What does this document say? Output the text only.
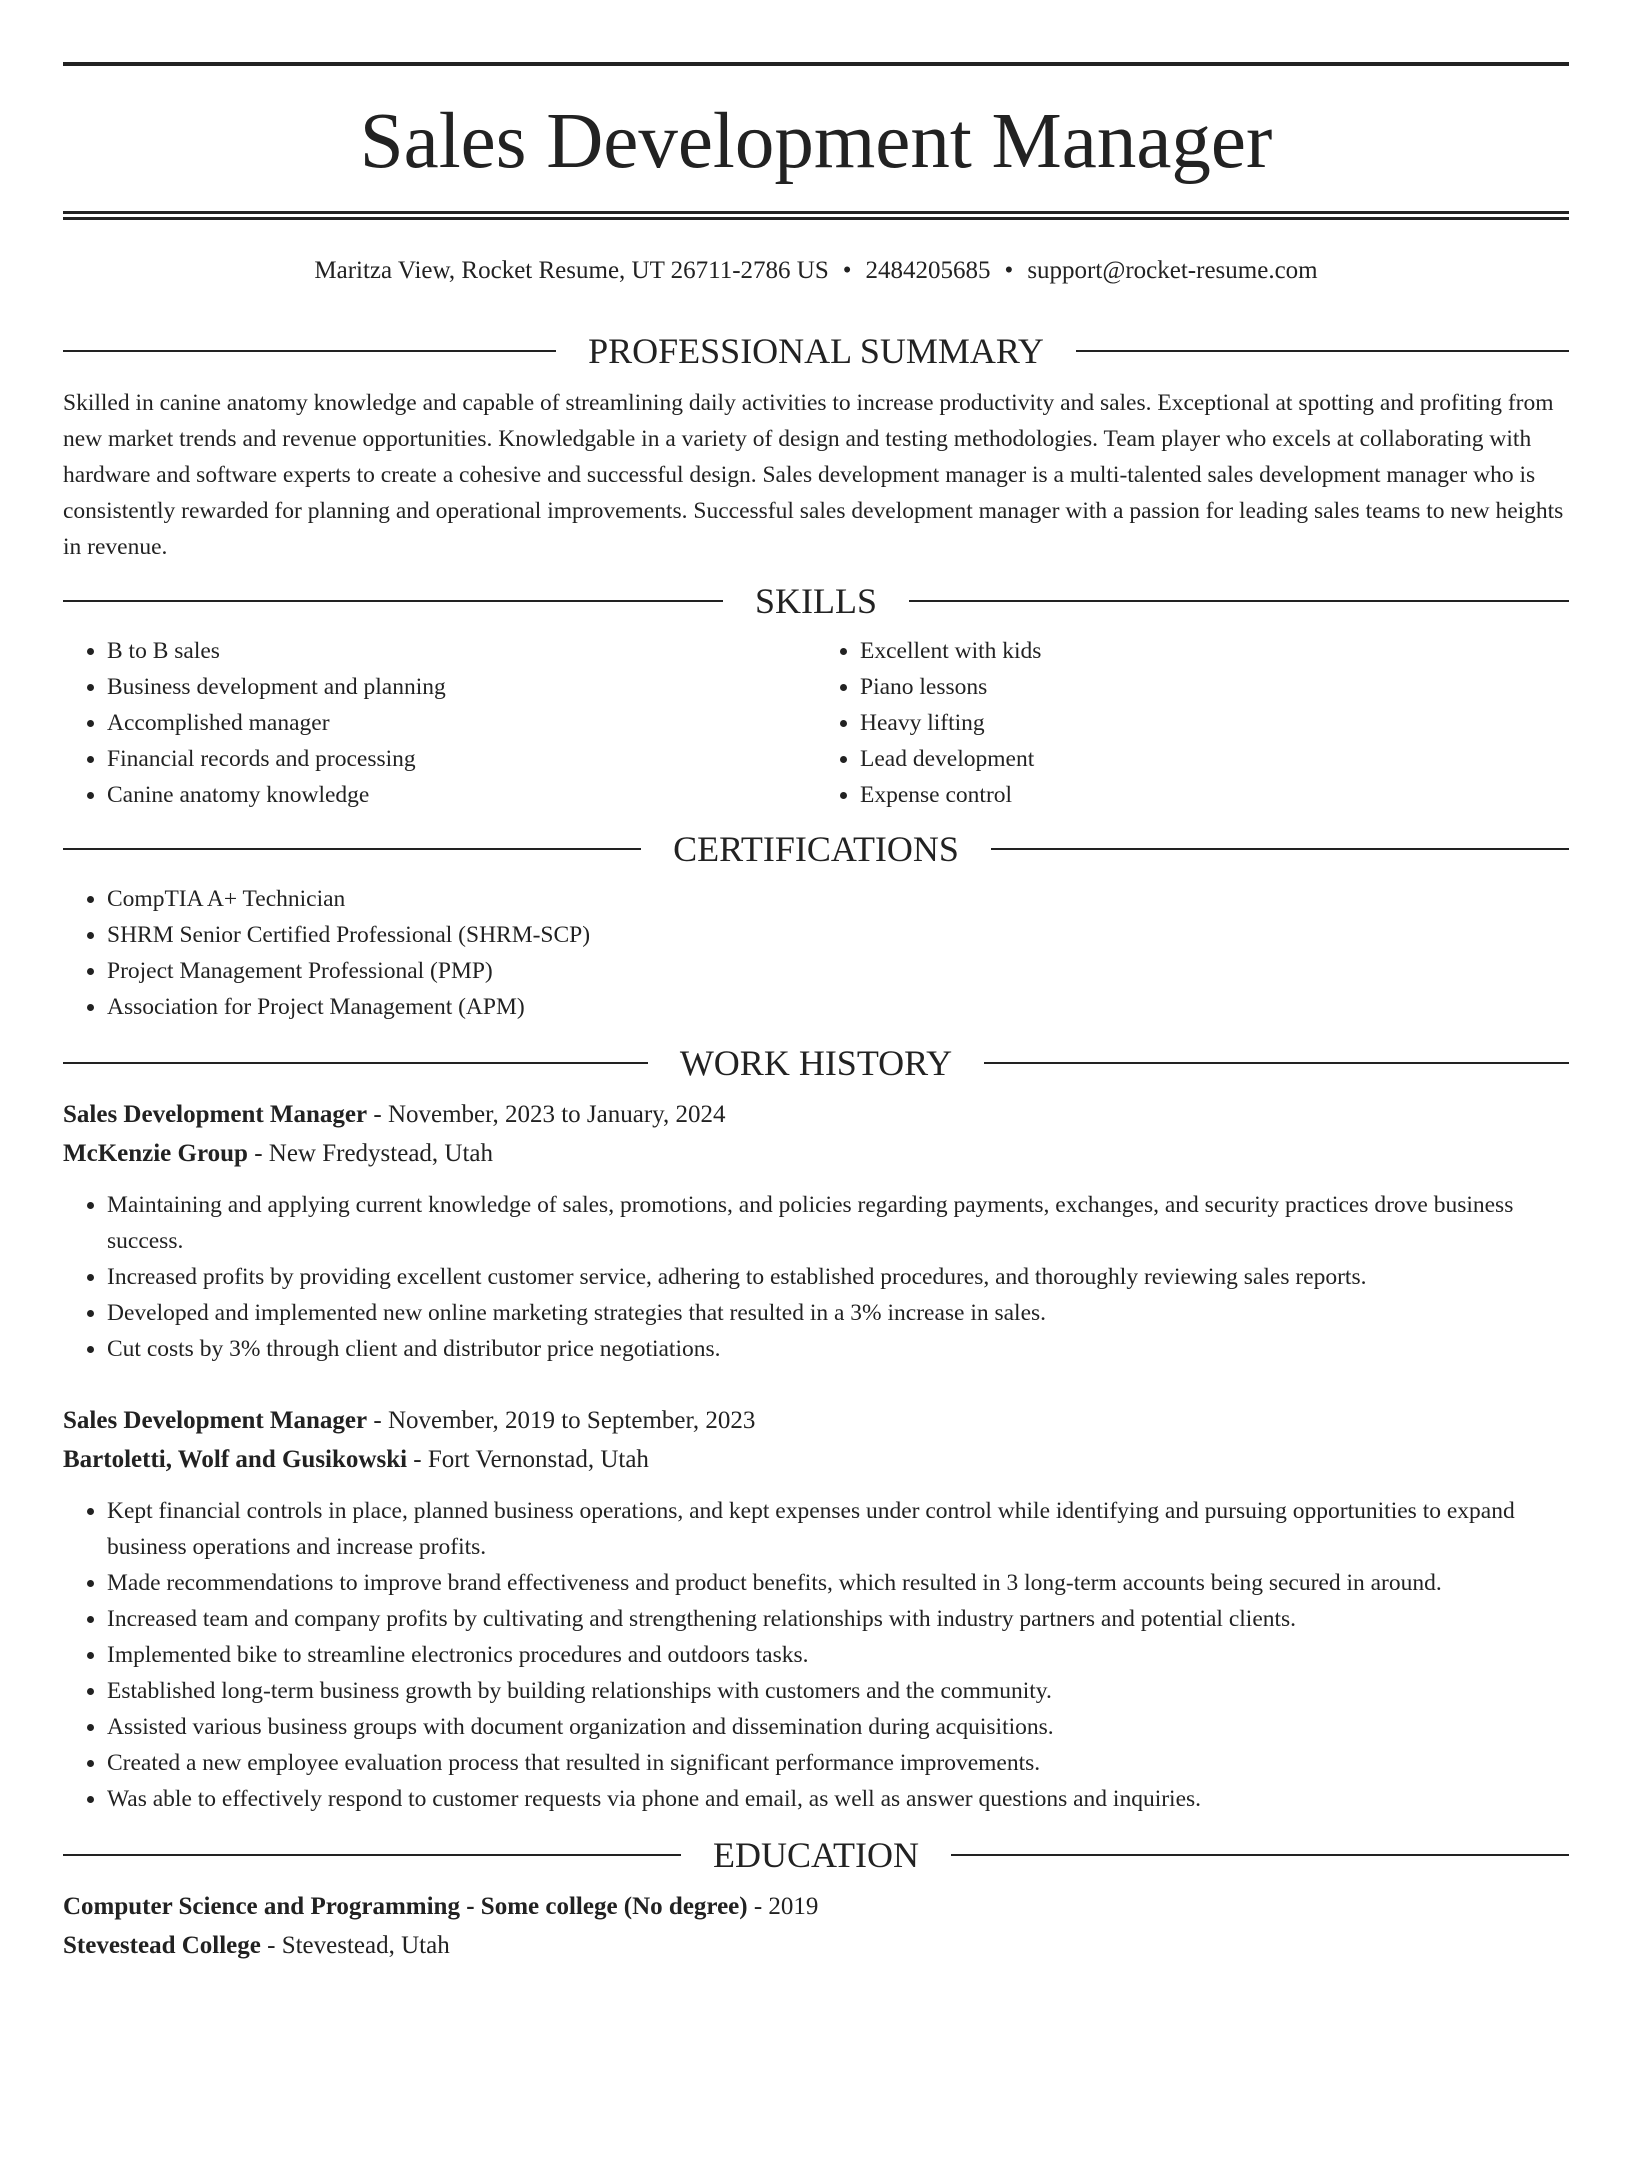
Sales Development Manager
Maritza View, Rocket Resume, UT 26711-2786 US • 2484205685 • support@rocket-resume.com
PROFESSIONAL SUMMARY

Skilled in canine anatomy knowledge and capable of streamlining daily activities to increase productivity and sales. Exceptional at spotting and profiting from new market trends and revenue opportunities. Knowledgable in a variety of design and testing methodologies. Team player who excels at collaborating with hardware and software experts to create a cohesive and successful design. Sales development manager is a multi-talented sales development manager who is consistently rewarded for planning and operational improvements. Successful sales development manager with a passion for leading sales teams to new heights in revenue.

SKILLS
• B to B sales
• Business development and planning
• Accomplished manager
• Financial records and processing
• Canine anatomy knowledge
• Excellent with kids
• Piano lessons
• Heavy lifting
• Lead development
• Expense control
CERTIFICATIONS
• CompTIA A+ Technician
• SHRM Senior Certified Professional (SHRM-SCP)
• Project Management Professional (PMP)
• Association for Project Management (APM)
WORK HISTORY
Sales Development Manager - November, 2023 to January, 2024
McKenzie Group - New Fredystead, Utah
• Maintaining and applying current knowledge of sales, promotions, and policies regarding payments, exchanges, and security practices drove business success.
• Increased profits by providing excellent customer service, adhering to established procedures, and thoroughly reviewing sales reports.
• Developed and implemented new online marketing strategies that resulted in a 3% increase in sales.
• Cut costs by 3% through client and distributor price negotiations.
Sales Development Manager - November, 2019 to September, 2023
Bartoletti, Wolf and Gusikowski - Fort Vernonstad, Utah
• Kept financial controls in place, planned business operations, and kept expenses under control while identifying and pursuing opportunities to expand business operations and increase profits.
• Made recommendations to improve brand effectiveness and product benefits, which resulted in 3 long-term accounts being secured in around.
• Increased team and company profits by cultivating and strengthening relationships with industry partners and potential clients.
• Implemented bike to streamline electronics procedures and outdoors tasks.
• Established long-term business growth by building relationships with customers and the community.
• Assisted various business groups with document organization and dissemination during acquisitions.
• Created a new employee evaluation process that resulted in significant performance improvements.
• Was able to effectively respond to customer requests via phone and email, as well as answer questions and inquiries.
EDUCATION
Computer Science and Programming - Some college (No degree) - 2019
Stevestead College - Stevestead, Utah
